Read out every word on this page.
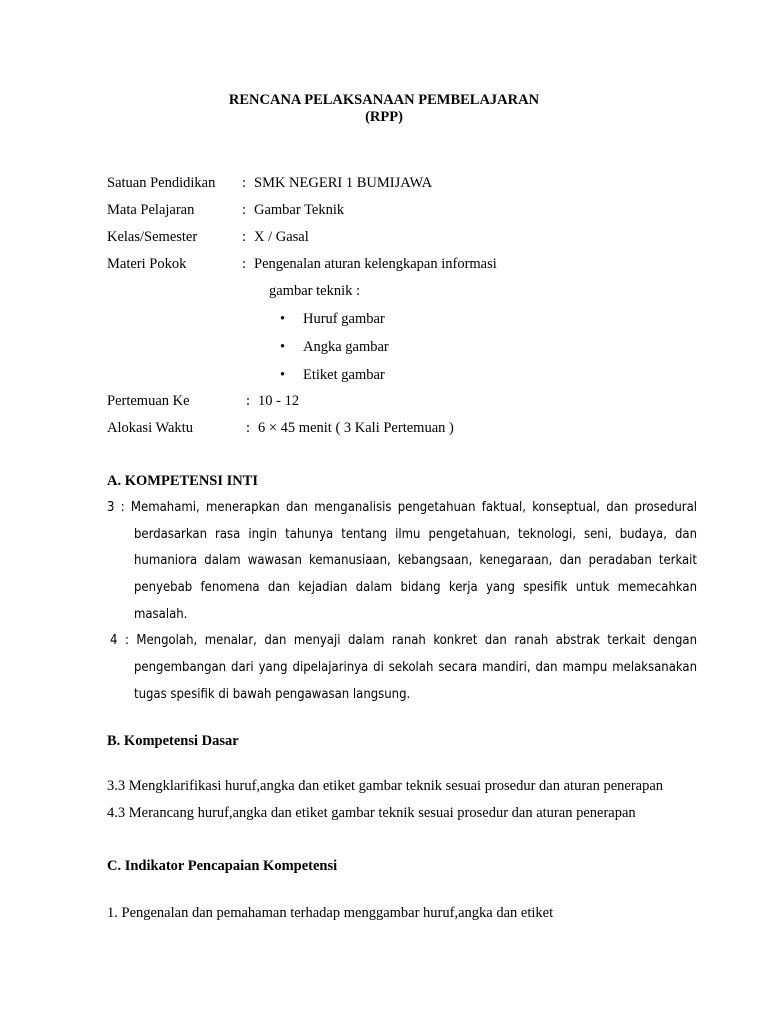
RENCANA PELAKSANAAN PEMBELAJARAN
(RPP)
Satuan Pendidikan : SMK NEGERI 1 BUMIJAWA
Mata Pelajaran	: Gambar Teknik
Kelas/Semester	: X / Gasal
Materi Pokok	: Pengenalan aturan kelengkapan informasi
gambar teknik :
• Huruf gambar
• Angka gambar
• Etiket gambar
Pertemuan Ke	: 10 - 12
Alokasi Waktu	: 6 × 45 menit ( 3 Kali Pertemuan )
A. KOMPETENSI INTI
3 : Memahami, menerapkan dan menganalisis pengetahuan faktual, konseptual, dan prosedural
berdasarkan rasa ingin tahunya tentang ilmu pengetahuan, teknologi, seni, budaya, dan
humaniora dalam wawasan kemanusiaan, kebangsaan, kenegaraan, dan peradaban terkait
penyebab fenomena dan kejadian dalam bidang kerja yang spesifik untuk memecahkan
masalah.
4 : Mengolah, menalar, dan menyaji dalam ranah konkret dan ranah abstrak terkait dengan
pengembangan dari yang dipelajarinya di sekolah secara mandiri, dan mampu melaksanakan
tugas spesifik di bawah pengawasan langsung.
B. Kompetensi Dasar
3.3 Mengklarifikasi huruf,angka dan etiket gambar teknik sesuai prosedur dan aturan penerapan
4.3 Merancang huruf,angka dan etiket gambar teknik sesuai prosedur dan aturan penerapan
C. Indikator Pencapaian Kompetensi
1. Pengenalan dan pemahaman terhadap menggambar huruf,angka dan etiket
